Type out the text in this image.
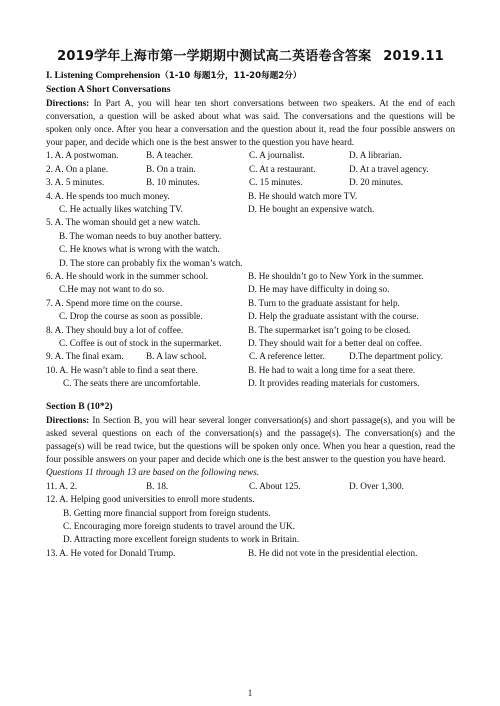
2019学年上海市第一学期期中测试高二英语卷含答案 2019.11
I. Listening Comprehension（1-10 每题1分，11-20每题2分）
Section A Short Conversations

Directions: In Part A, you will hear ten short conversations between two speakers. At the end of each conversation, a question will be asked about what was said. The conversations and the questions will be spoken only once. After you hear a conversation and the question about it, read the four possible answers on your paper, and decide which one is the best answer to the question you have heard.

1. A. A postwoman.	B. A teacher.	C. A journalist.	D. A librarian.
2. A. On a plane.	B. On a train.	C. At a restaurant.	D. At a travel agency.
3. A. 5 minutes.	B. 10 minutes.	C. 15 minutes.	D. 20 minutes.
4. A. He spends too much money.	B. He should watch more TV.
C. He actually likes watching TV.	D. He bought an expensive watch.
5. A. The woman should get a new watch.
B. The woman needs to buy another battery.
C. He knows what is wrong with the watch.
D. The store can probably fix the woman’s watch.
6. A. He should work in the summer school.	B. He shouldn’t go to New York in the summer.
C.He may not want to do so.	D. He may have difficulty in doing so.
7. A. Spend more time on the course.	B. Turn to the graduate assistant for help.
C. Drop the course as soon as possible.	D. Help the graduate assistant with the course.
8. A. They should buy a lot of coffee.	B. The supermarket isn’t going to be closed.
C. Coffee is out of stock in the supermarket.	D. They should wait for a better deal on coffee.
9. A. The final exam.	B. A law school.	C. A reference letter.	D.The department policy.
10. A. He wasn’t able to find a seat there.	B. He had to wait a long time for a seat there.
C. The seats there are uncomfortable.	D. It provides reading materials for customers.
Section B (10*2)

Directions: In Section B, you will hear several longer conversation(s) and short passage(s), and you will be asked several questions on each of the conversation(s) and the passage(s). The conversation(s) and the passage(s) will be read twice, but the questions will be spoken only once. When you hear a question, read the four possible answers on your paper and decide which one is the best answer to the question you have heard.

Questions 11 through 13 are based on the following news.
11. A. 2.	B. 18.	C. About 125.	D. Over 1,300.
12. A. Helping good universities to enroll more students.
B. Getting more financial support from foreign students.
C. Encouraging more foreign students to travel around the UK.
D. Attracting more excellent foreign students to work in Britain.
13. A. He voted for Donald Trump.	B. He did not vote in the presidential election.
1
